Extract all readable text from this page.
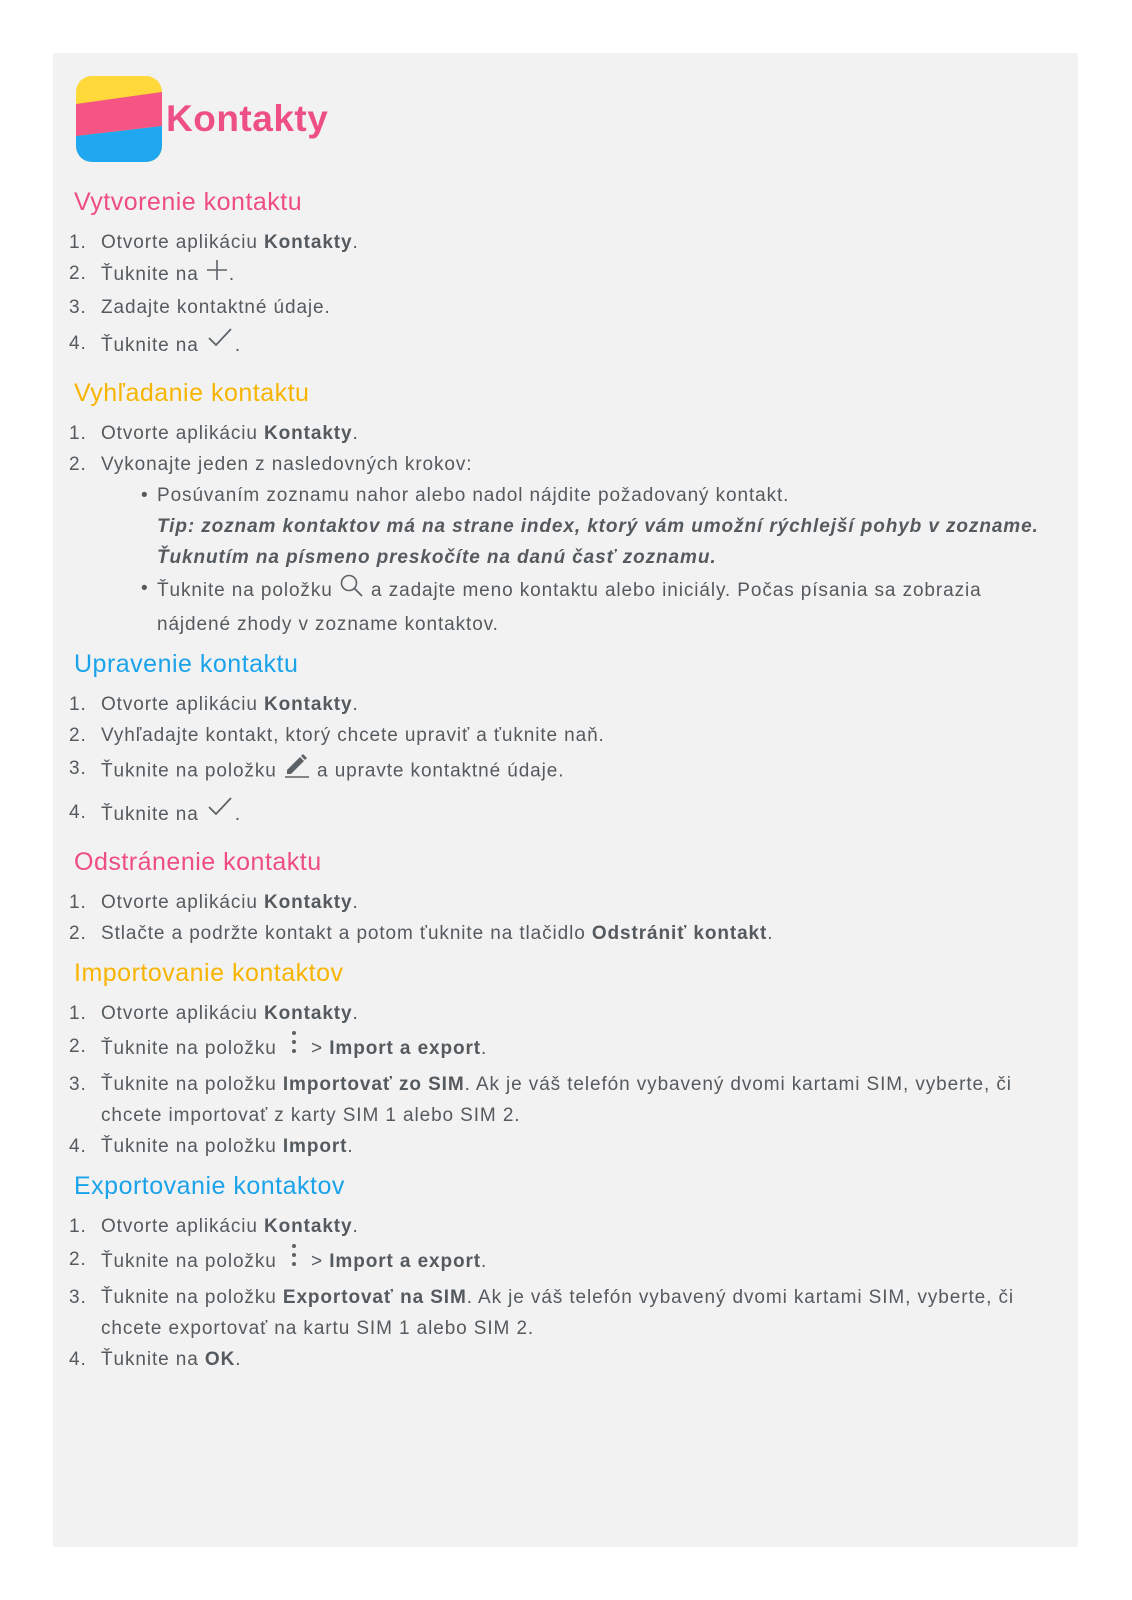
Kontakty
Vytvorenie kontaktu
1. Otvorte aplikáciu Kontakty.
2. Ťuknite na .
3. Zadajte kontaktné údaje.
4. Ťuknite na .
Vyhľadanie kontaktu
1. Otvorte aplikáciu Kontakty.
2. Vykonajte jeden z nasledovných krokov:
• Posúvaním zoznamu nahor alebo nadol nájdite požadovaný kontakt.
Tip: zoznam kontaktov má na strane index, ktorý vám umožní rýchlejší pohyb v zozname. Ťuknutím na písmeno preskočíte na danú časť zoznamu.
• Ťuknite na položku  a zadajte meno kontaktu alebo iniciály. Počas písania sa zobrazia nájdené zhody v zozname kontaktov.
Upravenie kontaktu
1. Otvorte aplikáciu Kontakty.
2. Vyhľadajte kontakt, ktorý chcete upraviť a ťuknite naň.
3. Ťuknite na položku  a upravte kontaktné údaje.
4. Ťuknite na .
Odstránenie kontaktu
1. Otvorte aplikáciu Kontakty.
2. Stlačte a podržte kontakt a potom ťuknite na tlačidlo Odstrániť kontakt.
Importovanie kontaktov
1. Otvorte aplikáciu Kontakty.
2. Ťuknite na položku  > Import a export.
3. Ťuknite na položku Importovať zo SIM. Ak je váš telefón vybavený dvomi kartami SIM, vyberte, či chcete importovať z karty SIM 1 alebo SIM 2.
4. Ťuknite na položku Import.
Exportovanie kontaktov
1. Otvorte aplikáciu Kontakty.
2. Ťuknite na položku  > Import a export.
3. Ťuknite na položku Exportovať na SIM. Ak je váš telefón vybavený dvomi kartami SIM, vyberte, či chcete exportovať na kartu SIM 1 alebo SIM 2.
4. Ťuknite na OK.
